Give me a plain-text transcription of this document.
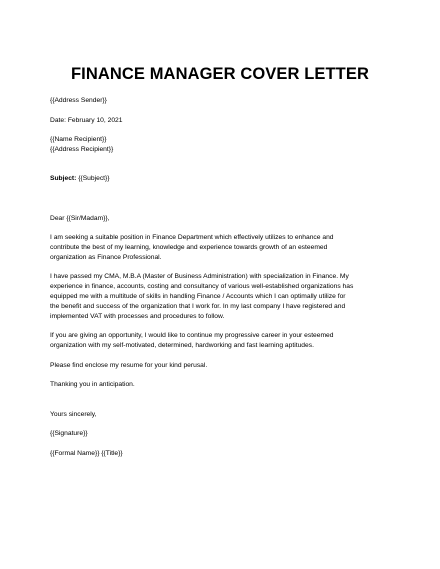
FINANCE MANAGER COVER LETTER
{{Address Sender}}
Date: February 10, 2021
{{Name Recipient}}
{{Address Recipient}}
Subject: {{Subject}}
Dear {{Sir/Madam}},
I am seeking a suitable position in Finance Department which effectively utilizes to enhance and
contribute the best of my learning, knowledge and experience towards growth of an esteemed
organization as Finance Professional.
I have passed my CMA, M.B.A (Master of Business Administration) with specialization in Finance. My
experience in finance, accounts, costing and consultancy of various well-established organizations has
equipped me with a multitude of skills in handling Finance / Accounts which I can optimally utilize for
the benefit and success of the organization that I work for. In my last company I have registered and
implemented VAT with processes and procedures to follow.
If you are giving an opportunity, I would like to continue my progressive career in your esteemed
organization with my self-motivated, determined, hardworking and fast learning aptitudes.
Please find enclose my resume for your kind perusal.
Thanking you in anticipation.
Yours sincerely,
{{Signature}}
{{Formal Name}} {{Title}}
